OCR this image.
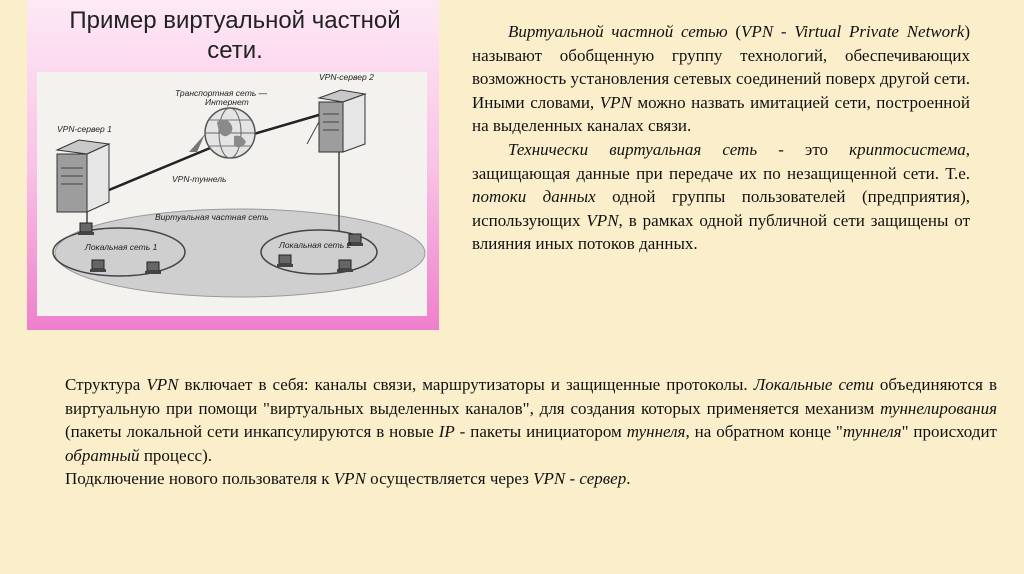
Пример виртуальной частной сети.
VPN-сервер 1
VPN-сервер 2
Транспортная сеть —
Интернет
VPN-туннель
Виртуальная частная сеть
Локальная сеть 1	Локальная сеть 2

Виртуальной частной сетью (VPN - Virtual Private Network) называют обобщенную группу технологий, обеспечивающих возможность установления сетевых соединений поверх другой сети. Иными словами, VPN можно назвать имитацией сети, построенной на выделенных каналах связи.

Технически виртуальная сеть - это криптосистема, защищающая данные при передаче их по незащищенной сети. Т.е. потоки данных одной группы пользователей (предприятия), использующих VPN, в рамках одной публичной сети защищены от влияния иных потоков данных.

Структура VPN включает в себя: каналы связи, маршрутизаторы и защищенные протоколы. Локальные сети объединяются в виртуальную при помощи "виртуальных выделенных каналов", для создания которых применяется механизм туннелирования (пакеты локальной сети инкапсулируются в новые IP - пакеты инициатором туннеля, на обратном конце "туннеля" происходит обратный процесс).

Подключение нового пользователя к VPN осуществляется через VPN - сервер.
